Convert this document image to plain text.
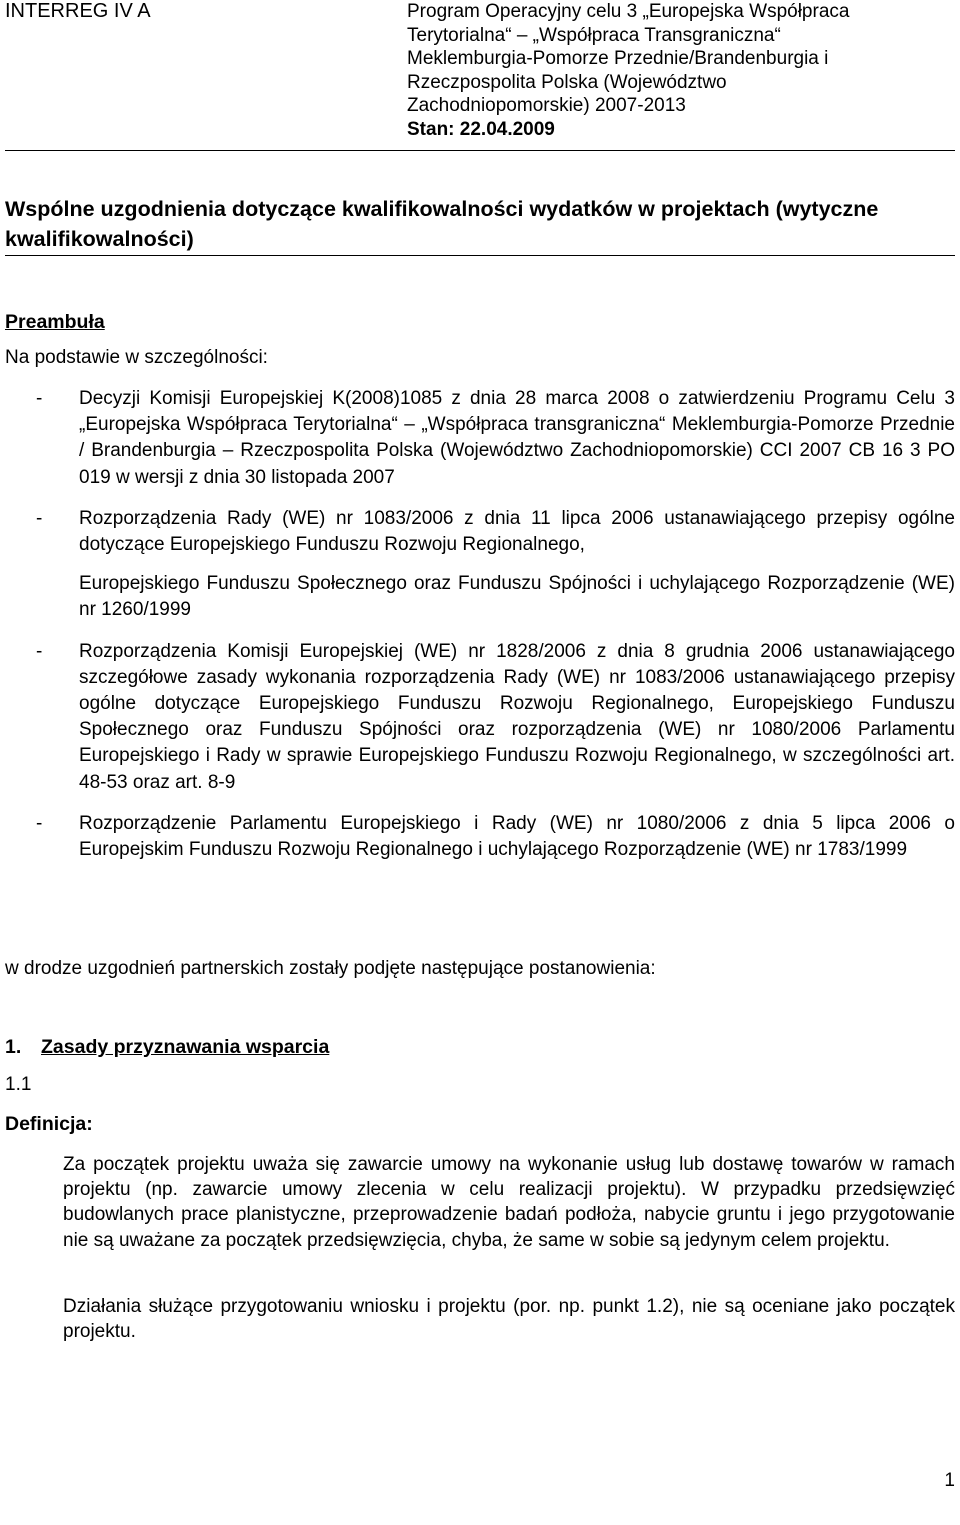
INTERREG IV A	Program Operacyjny celu 3 „Europejska Współpraca
Terytorialna“ – „Współpraca Transgraniczna“
Meklemburgia-Pomorze Przednie/Brandenburgia i
Rzeczpospolita Polska (Województwo
Zachodniopomorskie) 2007-2013
Stan: 22.04.2009
Wspólne uzgodnienia dotyczące kwalifikowalności wydatków w projektach (wytyczne kwalifikowalności)
Preambuła
Na podstawie w szczególności:
- Decyzji Komisji Europejskiej K(2008)1085 z dnia 28 marca 2008 o zatwierdzeniu Programu Celu 3 „Europejska Współpraca Terytorialna“ – „Współpraca transgraniczna“ Meklemburgia-Pomorze Przednie / Brandenburgia – Rzeczpospolita Polska (Województwo Zachodniopomorskie) CCI 2007 CB 16 3 PO 019 w wersji z dnia 30 listopada 2007

- Rozporządzenia Rady (WE) nr 1083/2006 z dnia 11 lipca 2006 ustanawiającego przepisy ogólne dotyczące Europejskiego Funduszu Rozwoju Regionalnego,

Europejskiego Funduszu Społecznego oraz Funduszu Spójności i uchylającego Rozporządzenie (WE) nr 1260/1999

- Rozporządzenia Komisji Europejskiej (WE) nr 1828/2006 z dnia 8 grudnia 2006 ustanawiającego szczegółowe zasady wykonania rozporządzenia Rady (WE) nr 1083/2006 ustanawiającego przepisy ogólne dotyczące Europejskiego Funduszu Rozwoju Regionalnego, Europejskiego Funduszu Społecznego oraz Funduszu Spójności oraz rozporządzenia (WE) nr 1080/2006 Parlamentu Europejskiego i Rady w sprawie Europejskiego Funduszu Rozwoju Regionalnego, w szczególności art. 48-53 oraz art. 8-9

- Rozporządzenie Parlamentu Europejskiego i Rady (WE) nr 1080/2006 z dnia 5 lipca 2006 o Europejskim Funduszu Rozwoju Regionalnego i uchylającego Rozporządzenie (WE) nr 1783/1999

w drodze uzgodnień partnerskich zostały podjęte następujące postanowienia:
1. Zasady przyznawania wsparcia
1.1
Definicja:

Za początek projektu uważa się zawarcie umowy na wykonanie usług lub dostawę towarów w ramach projektu (np. zawarcie umowy zlecenia w celu realizacji projektu). W przypadku przedsięwzięć budowlanych prace planistyczne, przeprowadzenie badań podłoża, nabycie gruntu i jego przygotowanie nie są uważane za początek przedsięwzięcia, chyba, że same w sobie są jedynym celem projektu.

Działania służące przygotowaniu wniosku i projektu (por. np. punkt 1.2), nie są oceniane jako początek projektu.

1
